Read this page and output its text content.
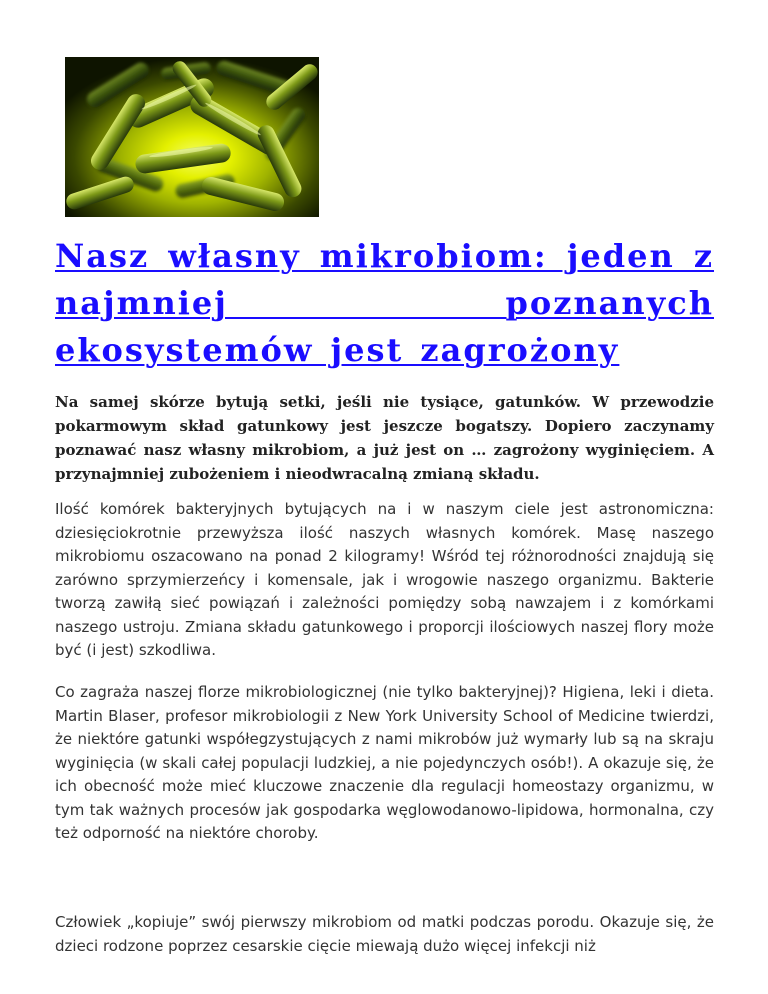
Nasz własny mikrobiom: jeden z najmniej poznanych ekosystemów jest zagrożony

Na samej skórze bytują setki, jeśli nie tysiące, gatunków. W przewodzie pokarmowym skład gatunkowy jest jeszcze bogatszy. Dopiero zaczynamy poznawać nasz własny mikrobiom, a już jest on … zagrożony wyginięciem. A przynajmniej zubożeniem i nieodwracalną zmianą składu.

Ilość komórek bakteryjnych bytujących na i w naszym ciele jest astronomiczna: dziesięciokrotnie przewyższa ilość naszych własnych komórek. Masę naszego mikrobiomu oszacowano na ponad 2 kilogramy! Wśród tej różnorodności znajdują się zarówno sprzymierzeńcy i komensale, jak i wrogowie naszego organizmu. Bakterie tworzą zawiłą sieć powiązań i zależności pomiędzy sobą nawzajem i z komórkami naszego ustroju. Zmiana składu gatunkowego i proporcji ilościowych naszej flory może być (i jest) szkodliwa.

Co zagraża naszej florze mikrobiologicznej (nie tylko bakteryjnej)? Higiena, leki i dieta. Martin Blaser, profesor mikrobiologii z New York University School of Medicine twierdzi, że niektóre gatunki współegzystujących z nami mikrobów już wymarły lub są na skraju wyginięcia (w skali całej populacji ludzkiej, a nie pojedynczych osób!). A okazuje się, że ich obecność może mieć kluczowe znaczenie dla regulacji homeostazy organizmu, w tym tak ważnych procesów jak gospodarka węglowodanowo-lipidowa, hormonalna, czy też odporność na niektóre choroby.

Człowiek „kopiuje” swój pierwszy mikrobiom od matki podczas porodu. Okazuje się, że dzieci rodzone poprzez cesarskie cięcie miewają dużo więcej infekcji niż
